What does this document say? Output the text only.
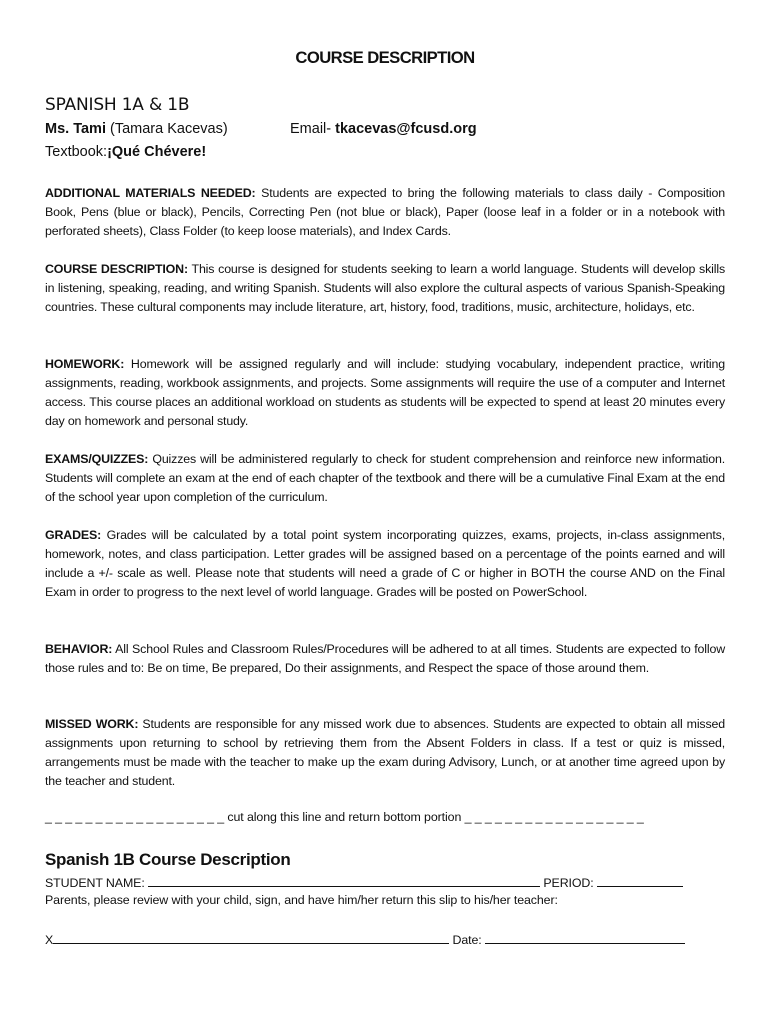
COURSE DESCRIPTION
SPANISH 1A & 1B
Ms. Tami (Tamara Kacevas)	Email- tkacevas@fcusd.org
Textbook:¡Qué Chévere!
ADDITIONAL MATERIALS NEEDED: Students are expected to bring the following materials to class daily - Composition Book, Pens (blue or black), Pencils, Correcting Pen (not blue or black), Paper (loose leaf in a folder or in a notebook with perforated sheets), Class Folder (to keep loose materials), and Index Cards.
COURSE DESCRIPTION: This course is designed for students seeking to learn a world language. Students will develop skills in listening, speaking, reading, and writing Spanish. Students will also explore the cultural aspects of various Spanish-Speaking countries. These cultural components may include literature, art, history, food, traditions, music, architecture, holidays, etc.
HOMEWORK: Homework will be assigned regularly and will include: studying vocabulary, independent practice, writing assignments, reading, workbook assignments, and projects. Some assignments will require the use of a computer and Internet access. This course places an additional workload on students as students will be expected to spend at least 20 minutes every day on homework and personal study.
EXAMS/QUIZZES: Quizzes will be administered regularly to check for student comprehension and reinforce new information. Students will complete an exam at the end of each chapter of the textbook and there will be a cumulative Final Exam at the end of the school year upon completion of the curriculum.
GRADES: Grades will be calculated by a total point system incorporating quizzes, exams, projects, in-class assignments, homework, notes, and class participation. Letter grades will be assigned based on a percentage of the points earned and will include a +/- scale as well. Please note that students will need a grade of C or higher in BOTH the course AND on the Final Exam in order to progress to the next level of world language. Grades will be posted on PowerSchool.
BEHAVIOR: All School Rules and Classroom Rules/Procedures will be adhered to at all times. Students are expected to follow those rules and to: Be on time, Be prepared, Do their assignments, and Respect the space of those around them.
MISSED WORK: Students are responsible for any missed work due to absences. Students are expected to obtain all missed assignments upon returning to school by retrieving them from the Absent Folders in class. If a test or quiz is missed, arrangements must be made with the teacher to make up the exam during Advisory, Lunch, or at another time agreed upon by the teacher and student.
_ _ _ _ _ _ _ _ _ _ _ _ _ _ _ _ _ _ cut along this line and return bottom portion _ _ _ _ _ _ _ _ _ _ _ _ _ _ _ _ _ _
Spanish 1B Course Description
STUDENT NAME:	PERIOD:
Parents, please review with your child, sign, and have him/her return this slip to his/her teacher:
X	Date:
